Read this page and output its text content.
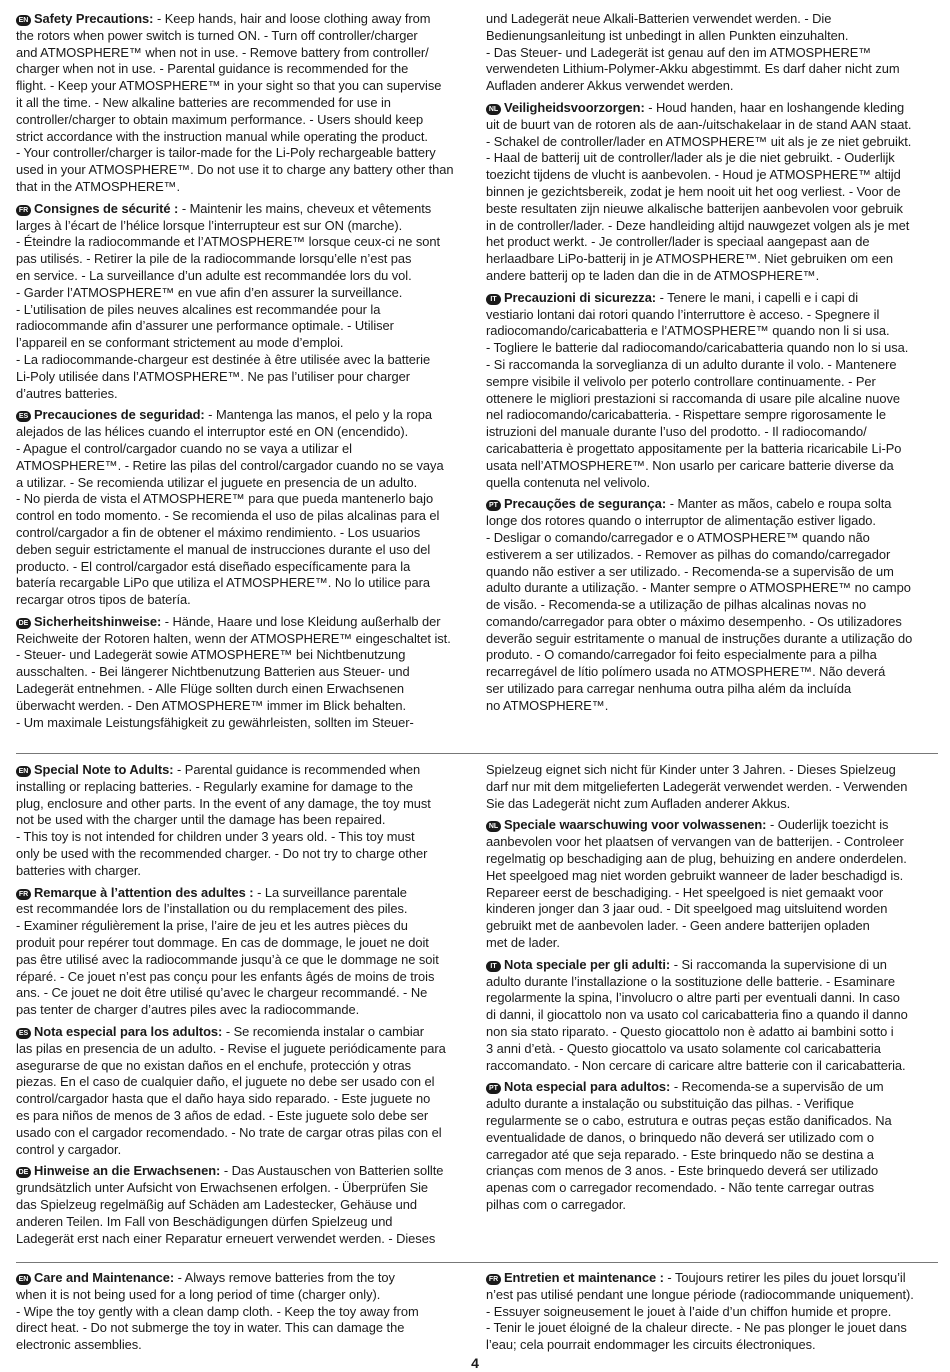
EN Safety Precautions: - Keep hands, hair and loose clothing away from
the rotors when power switch is turned ON. - Turn off controller/charger
and ATMOSPHERE™ when not in use. - Remove battery from controller/
charger when not in use. - Parental guidance is recommended for the
flight. - Keep your ATMOSPHERE™ in your sight so that you can supervise
it all the time. - New alkaline batteries are recommended for use in
controller/charger to obtain maximum performance. - Users should keep
strict accordance with the instruction manual while operating the product.
- Your controller/charger is tailor-made for the Li-Poly rechargeable battery
used in your ATMOSPHERE™. Do not use it to charge any battery other than
that in the ATMOSPHERE™.

FR Consignes de sécurité : - Maintenir les mains, cheveux et vêtements
larges à l’écart de l’hélice lorsque l’interrupteur est sur ON (marche).
- Éteindre la radiocommande et l’ATMOSPHERE™ lorsque ceux-ci ne sont
pas utilisés. - Retirer la pile de la radiocommande lorsqu’elle n’est pas
en service. - La surveillance d’un adulte est recommandée lors du vol.
- Garder l’ATMOSPHERE™ en vue afin d’en assurer la surveillance.
- L’utilisation de piles neuves alcalines est recommandée pour la
radiocommande afin d’assurer une performance optimale. - Utiliser
l’appareil en se conformant strictement au mode d’emploi.
- La radiocommande-chargeur est destinée à être utilisée avec la batterie
Li-Poly utilisée dans l’ATMOSPHERE™. Ne pas l’utiliser pour charger
d’autres batteries.

ES Precauciones de seguridad: - Mantenga las manos, el pelo y la ropa
alejados de las hélices cuando el interruptor esté en ON (encendido).
- Apague el control/cargador cuando no se vaya a utilizar el
ATMOSPHERE™. - Retire las pilas del control/cargador cuando no se vaya
a utilizar. - Se recomienda utilizar el juguete en presencia de un adulto.
- No pierda de vista el ATMOSPHERE™ para que pueda mantenerlo bajo
control en todo momento. - Se recomienda el uso de pilas alcalinas para el
control/cargador a fin de obtener el máximo rendimiento. - Los usuarios
deben seguir estrictamente el manual de instrucciones durante el uso del
producto. - El control/cargador está diseñado específicamente para la
batería recargable LiPo que utiliza el ATMOSPHERE™. No lo utilice para
recargar otros tipos de batería.

DE Sicherheitshinweise: - Hände, Haare und lose Kleidung außerhalb der
Reichweite der Rotoren halten, wenn der ATMOSPHERE™ eingeschaltet ist.
- Steuer- und Ladegerät sowie ATMOSPHERE™ bei Nichtbenutzung
ausschalten. - Bei längerer Nichtbenutzung Batterien aus Steuer- und
Ladegerät entnehmen. - Alle Flüge sollten durch einen Erwachsenen
überwacht werden. - Den ATMOSPHERE™ immer im Blick behalten.
- Um maximale Leistungsfähigkeit zu gewährleisten, sollten im Steuer-

und Ladegerät neue Alkali-Batterien verwendet werden. - Die
Bedienungsanleitung ist unbedingt in allen Punkten einzuhalten.
- Das Steuer- und Ladegerät ist genau auf den im ATMOSPHERE™
verwendeten Lithium-Polymer-Akku abgestimmt. Es darf daher nicht zum
Aufladen anderer Akkus verwendet werden.

NL Veiligheidsvoorzorgen: - Houd handen, haar en loshangende kleding
uit de buurt van de rotoren als de aan-/uitschakelaar in de stand AAN staat.
- Schakel de controller/lader en ATMOSPHERE™ uit als je ze niet gebruikt.
- Haal de batterij uit de controller/lader als je die niet gebruikt. - Ouderlijk
toezicht tijdens de vlucht is aanbevolen. - Houd je ATMOSPHERE™ altijd
binnen je gezichtsbereik, zodat je hem nooit uit het oog verliest. - Voor de
beste resultaten zijn nieuwe alkalische batterijen aanbevolen voor gebruik
in de controller/lader. - Deze handleiding altijd nauwgezet volgen als je met
het product werkt. - Je controller/lader is speciaal aangepast aan de
herlaadbare LiPo-batterij in je ATMOSPHERE™. Niet gebruiken om een
andere batterij op te laden dan die in de ATMOSPHERE™.

IT Precauzioni di sicurezza: - Tenere le mani, i capelli e i capi di
vestiario lontani dai rotori quando l’interruttore è acceso. - Spegnere il
radiocomando/caricabatteria e l’ATMOSPHERE™ quando non li si usa.
- Togliere le batterie dal radiocomando/caricabatteria quando non lo si usa.
- Si raccomanda la sorveglianza di un adulto durante il volo. - Mantenere
sempre visibile il velivolo per poterlo controllare continuamente. - Per
ottenere le migliori prestazioni si raccomanda di usare pile alcaline nuove
nel radiocomando/caricabatteria. - Rispettare sempre rigorosamente le
istruzioni del manuale durante l’uso del prodotto. - Il radiocomando/
caricabatteria è progettato appositamente per la batteria ricaricabile Li-Po
usata nell’ATMOSPHERE™. Non usarlo per caricare batterie diverse da
quella contenuta nel velivolo.

PT Precauções de segurança: - Manter as mãos, cabelo e roupa solta
longe dos rotores quando o interruptor de alimentação estiver ligado.
- Desligar o comando/carregador e o ATMOSPHERE™ quando não
estiverem a ser utilizados. - Remover as pilhas do comando/carregador
quando não estiver a ser utilizado. - Recomenda-se a supervisão de um
adulto durante a utilização. - Manter sempre o ATMOSPHERE™ no campo
de visão. - Recomenda-se a utilização de pilhas alcalinas novas no
comando/carregador para obter o máximo desempenho. - Os utilizadores
deverão seguir estritamente o manual de instruções durante a utilização do
produto. - O comando/carregador foi feito especialmente para a pilha
recarregável de lítio polímero usada no ATMOSPHERE™. Não deverá
ser utilizado para carregar nenhuma outra pilha além da incluída
no ATMOSPHERE™.

EN Special Note to Adults: - Parental guidance is recommended when
installing or replacing batteries. - Regularly examine for damage to the
plug, enclosure and other parts. In the event of any damage, the toy must
not be used with the charger until the damage has been repaired.
- This toy is not intended for children under 3 years old. - This toy must
only be used with the recommended charger. - Do not try to charge other
batteries with charger.

FR Remarque à l’attention des adultes : - La surveillance parentale
est recommandée lors de l’installation ou du remplacement des piles.
- Examiner régulièrement la prise, l’aire de jeu et les autres pièces du
produit pour repérer tout dommage. En cas de dommage, le jouet ne doit
pas être utilisé avec la radiocommande jusqu’à ce que le dommage ne soit
réparé. - Ce jouet n’est pas conçu pour les enfants âgés de moins de trois
ans. - Ce jouet ne doit être utilisé qu’avec le chargeur recommandé. - Ne
pas tenter de charger d’autres piles avec la radiocommande.

ES Nota especial para los adultos: - Se recomienda instalar o cambiar
las pilas en presencia de un adulto. - Revise el juguete periódicamente para
asegurarse de que no existan daños en el enchufe, protección y otras
piezas. En el caso de cualquier daño, el juguete no debe ser usado con el
control/cargador hasta que el daño haya sido reparado. - Este juguete no
es para niños de menos de 3 años de edad. - Este juguete solo debe ser
usado con el cargador recomendado. - No trate de cargar otras pilas con el
control y cargador.

DE Hinweise an die Erwachsenen: - Das Austauschen von Batterien sollte
grundsätzlich unter Aufsicht von Erwachsenen erfolgen. - Überprüfen Sie
das Spielzeug regelmäßig auf Schäden am Ladestecker, Gehäuse und
anderen Teilen. Im Fall von Beschädigungen dürfen Spielzeug und
Ladegerät erst nach einer Reparatur erneuert verwendet werden. - Dieses

Spielzeug eignet sich nicht für Kinder unter 3 Jahren. - Dieses Spielzeug
darf nur mit dem mitgelieferten Ladegerät verwendet werden. - Verwenden
Sie das Ladegerät nicht zum Aufladen anderer Akkus.

NL Speciale waarschuwing voor volwassenen: - Ouderlijk toezicht is
aanbevolen voor het plaatsen of vervangen van de batterijen. - Controleer
regelmatig op beschadiging aan de plug, behuizing en andere onderdelen.
Het speelgoed mag niet worden gebruikt wanneer de lader beschadigd is.
Repareer eerst de beschadiging. - Het speelgoed is niet gemaakt voor
kinderen jonger dan 3 jaar oud. - Dit speelgoed mag uitsluitend worden
gebruikt met de aanbevolen lader. - Geen andere batterijen opladen
met de lader.

IT Nota speciale per gli adulti: - Si raccomanda la supervisione di un
adulto durante l’installazione o la sostituzione delle batterie. - Esaminare
regolarmente la spina, l’involucro o altre parti per eventuali danni. In caso
di danni, il giocattolo non va usato col caricabatteria fino a quando il danno
non sia stato riparato. - Questo giocattolo non è adatto ai bambini sotto i
3 anni d’età. - Questo giocattolo va usato solamente col caricabatteria
raccomandato. - Non cercare di caricare altre batterie con il caricabatteria.

PT Nota especial para adultos: - Recomenda-se a supervisão de um
adulto durante a instalação ou substituição das pilhas. - Verifique
regularmente se o cabo, estrutura e outras peças estão danificados. Na
eventualidade de danos, o brinquedo não deverá ser utilizado com o
carregador até que seja reparado. - Este brinquedo não se destina a
crianças com menos de 3 anos. - Este brinquedo deverá ser utilizado
apenas com o carregador recomendado. - Não tente carregar outras
pilhas com o carregador.

EN Care and Maintenance: - Always remove batteries from the toy
when it is not being used for a long period of time (charger only).
- Wipe the toy gently with a clean damp cloth. - Keep the toy away from
direct heat. - Do not submerge the toy in water. This can damage the
electronic assemblies.

FR Entretien et maintenance : - Toujours retirer les piles du jouet lorsqu’il
n’est pas utilisé pendant une longue période (radiocommande uniquement).
- Essuyer soigneusement le jouet à l’aide d’un chiffon humide et propre.
- Tenir le jouet éloigné de la chaleur directe. - Ne pas plonger le jouet dans
l’eau; cela pourrait endommager les circuits électroniques.

4
